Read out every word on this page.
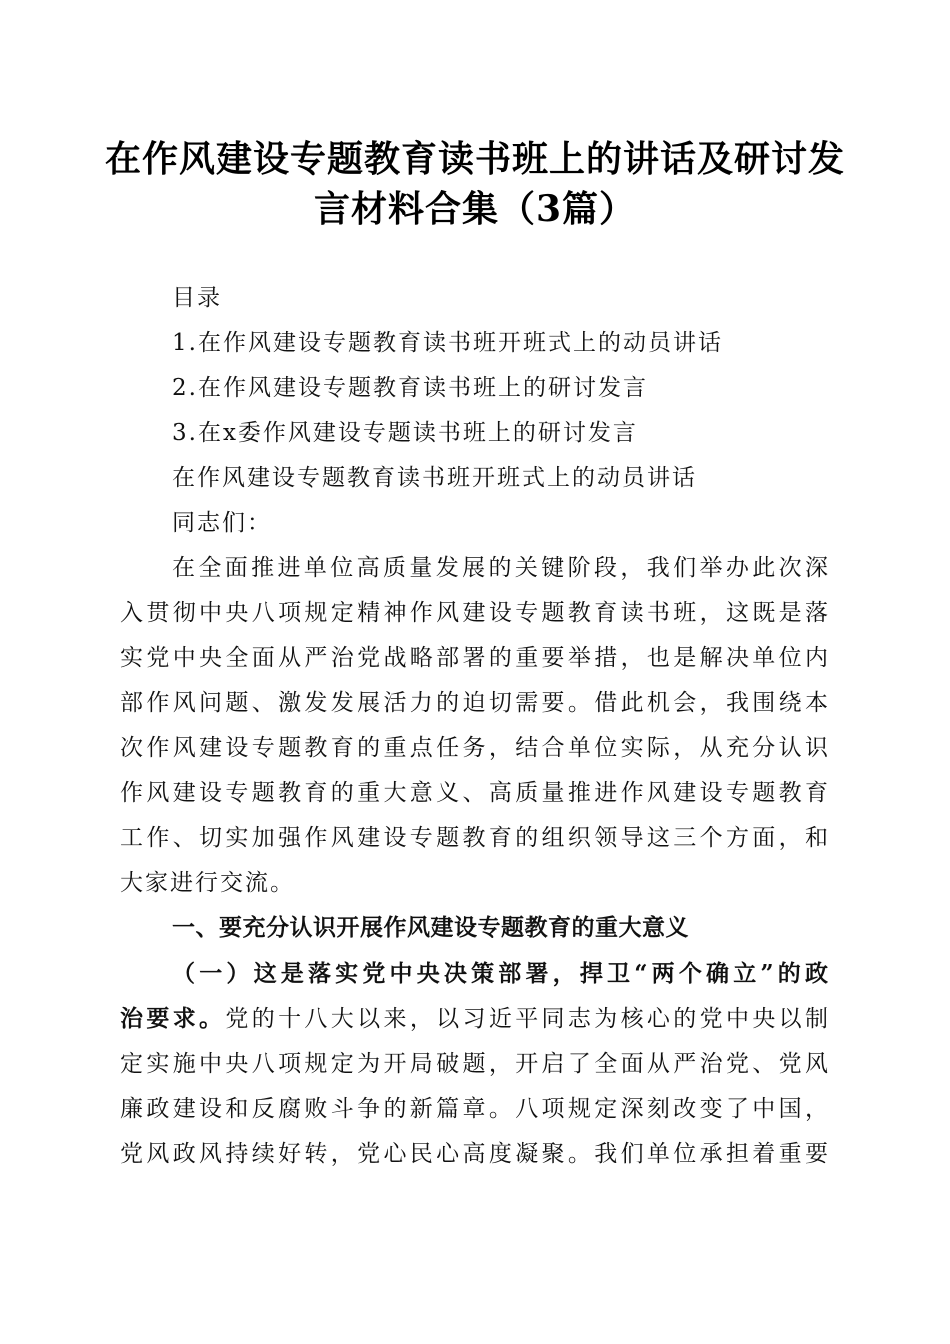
在作风建设专题教育读书班上的讲话及研讨发
言材料合集（3篇）

目录

1.在作风建设专题教育读书班开班式上的动员讲话

2.在作风建设专题教育读书班上的研讨发言

3.在x委作风建设专题读书班上的研讨发言

在作风建设专题教育读书班开班式上的动员讲话

同志们：

在全面推进单位高质量发展的关键阶段，我们举办此次深
入贯彻中央八项规定精神作风建设专题教育读书班，这既是落
实党中央全面从严治党战略部署的重要举措，也是解决单位内
部作风问题、激发发展活力的迫切需要。借此机会，我围绕本
次作风建设专题教育的重点任务，结合单位实际，从充分认识
作风建设专题教育的重大意义、高质量推进作风建设专题教育
工作、切实加强作风建设专题教育的组织领导这三个方面，和
大家进行交流。

一、要充分认识开展作风建设专题教育的重大意义

（一）这是落实党中央决策部署，捍卫“两个确立”的政
治要求。党的十八大以来，以习近平同志为核心的党中央以制
定实施中央八项规定为开局破题，开启了全面从严治党、党风
廉政建设和反腐败斗争的新篇章。八项规定深刻改变了中国，
党风政风持续好转，党心民心高度凝聚。我们单位承担着重要
